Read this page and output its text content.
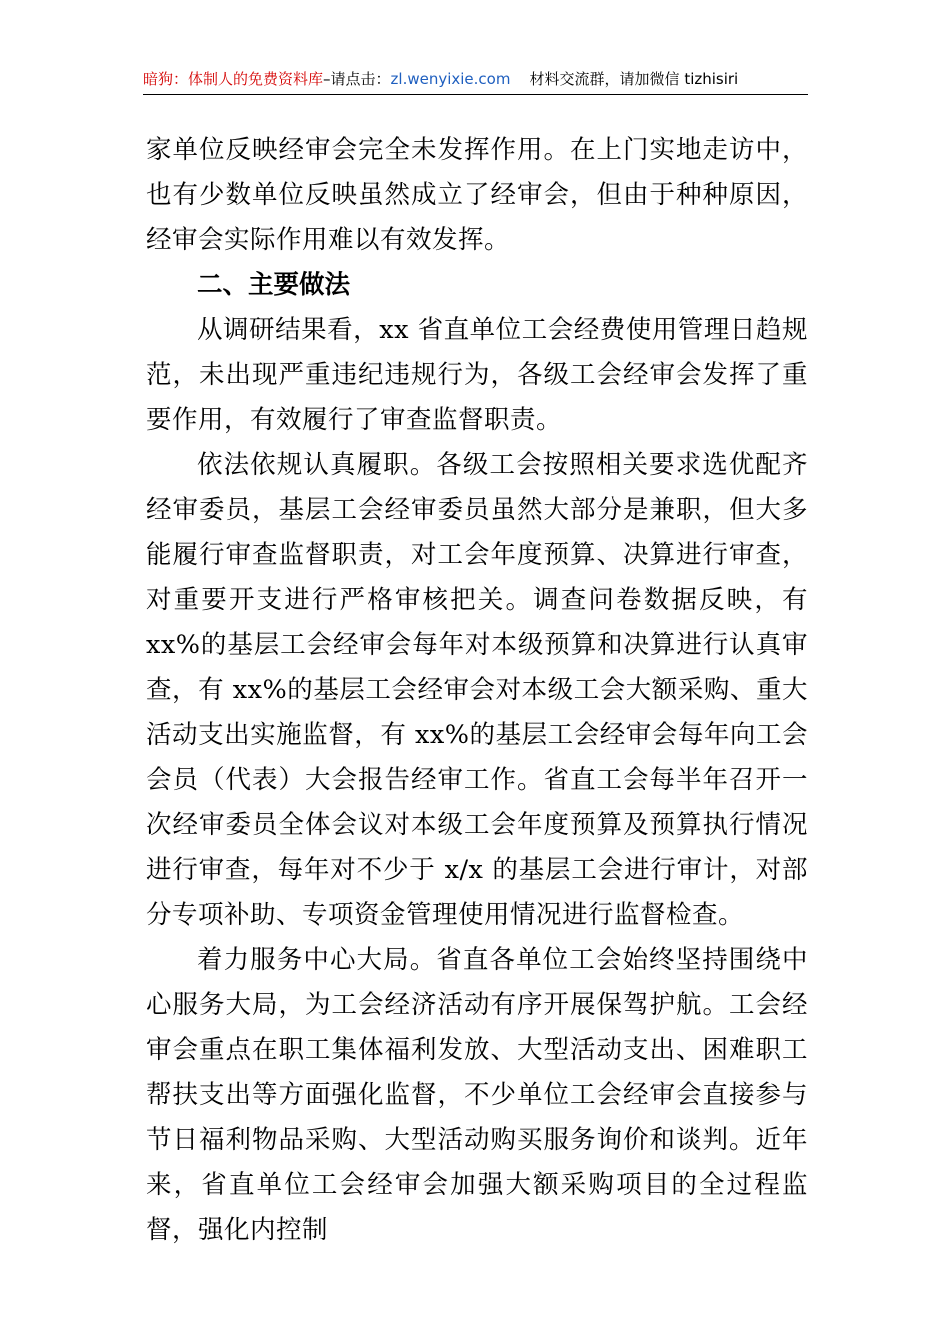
暗狗：体制人的免费资料库–请点击：zl.wenyixie.com 材料交流群，请加微信 tizhisiri

家单位反映经审会完全未发挥作用。在上门实地走访中，也有少数单位反映虽然成立了经审会，但由于种种原因， 经审会实际作用难以有效发挥。

二、主要做法

从调研结果看，xx 省直单位工会经费使用管理日趋规范，未出现严重违纪违规行为，各级工会经审会发挥了重要作用，有效履行了审查监督职责。

依法依规认真履职。各级工会按照相关要求选优配齐经审委员，基层工会经审委员虽然大部分是兼职，但大多能履行审查监督职责，对工会年度预算、决算进行审查，对重要开支进行严格审核把关。调查问卷数据反映，有 xx%的基层工会经审会每年对本级预算和决算进行认真审查，有 xx%的基层工会经审会对本级工会大额采购、重大活动支出实施监督，有 xx%的基层工会经审会每年向工会会员（代表）大会报告经审工作。省直工会每半年召开一次经审委员全体会议对本级工会年度预算及预算执行情况进行审查，每年对不少于 x/x 的基层工会进行审计，对部分专项补助、专项资金管理使用情况进行监督检查。

着力服务中心大局。省直各单位工会始终坚持围绕中心服务大局，为工会经济活动有序开展保驾护航。工会经审会重点在职工集体福利发放、大型活动支出、困难职工帮扶支出等方面强化监督，不少单位工会经审会直接参与节日福利物品采购、大型活动购买服务询价和谈判。近年来，省直单位工会经审会加强大额采购项目的全过程监督，强化内控制
